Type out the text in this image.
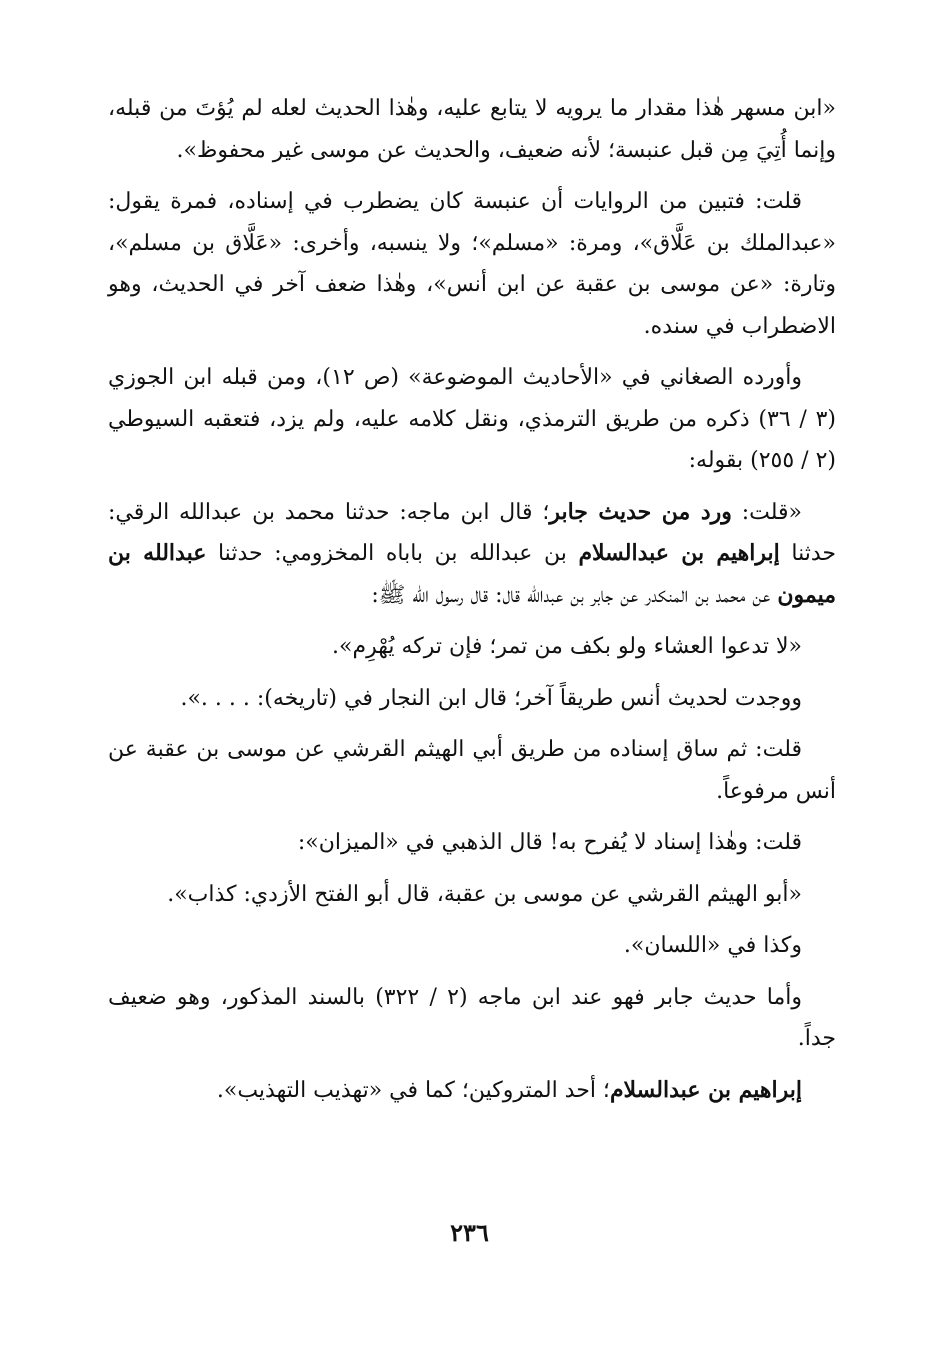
«ابن مسهر هٰذا مقدار ما يرويه لا يتابع عليه، وهٰذا الحديث لعله لم يُؤتَ من قبله، وإنما أُتِيَ مِن قبل عنبسة؛ لأنه ضعيف، والحديث عن موسى غير محفوظ».

قلت: فتبين من الروايات أن عنبسة كان يضطرب في إسناده، فمرة يقول: «عبدالملك بن عَلَّاق»، ومرة: «مسلم»؛ ولا ينسبه، وأخرى: «عَلَّاق بن مسلم»، وتارة: «عن موسى بن عقبة عن ابن أنس»، وهٰذا ضعف آخر في الحديث، وهو الاضطراب في سنده.

وأورده الصغاني في «الأحاديث الموضوعة» (ص ١٢)، ومن قبله ابن الجوزي (٣ / ٣٦) ذكره من طريق الترمذي، ونقل كلامه عليه، ولم يزد، فتعقبه السيوطي (٢ / ٢٥٥) بقوله:

«قلت: ورد من حديث جابر؛ قال ابن ماجه: حدثنا محمد بن عبدالله الرقي: حدثنا إبراهيم بن عبدالسلام بن عبدالله بن باباه المخزومي: حدثنا عبدالله بن ميمون عن محمد بن المنكدر عن جابر بن عبدالله قال: قال رسول الله ﷺ:

«لا تدعوا العشاء ولو بكف من تمر؛ فإن تركه يُهْرِم».

ووجدت لحديث أنس طريقاً آخر؛ قال ابن النجار في (تاريخه): . . . .».

قلت: ثم ساق إسناده من طريق أبي الهيثم القرشي عن موسى بن عقبة عن أنس مرفوعاً.

قلت: وهٰذا إسناد لا يُفرح به! قال الذهبي في «الميزان»:

«أبو الهيثم القرشي عن موسى بن عقبة، قال أبو الفتح الأزدي: كذاب».

وكذا في «اللسان».

وأما حديث جابر فهو عند ابن ماجه (٢ / ٣٢٢) بالسند المذكور، وهو ضعيف جداً.

إبراهيم بن عبدالسلام؛ أحد المتروكين؛ كما في «تهذيب التهذيب».

٢٣٦
